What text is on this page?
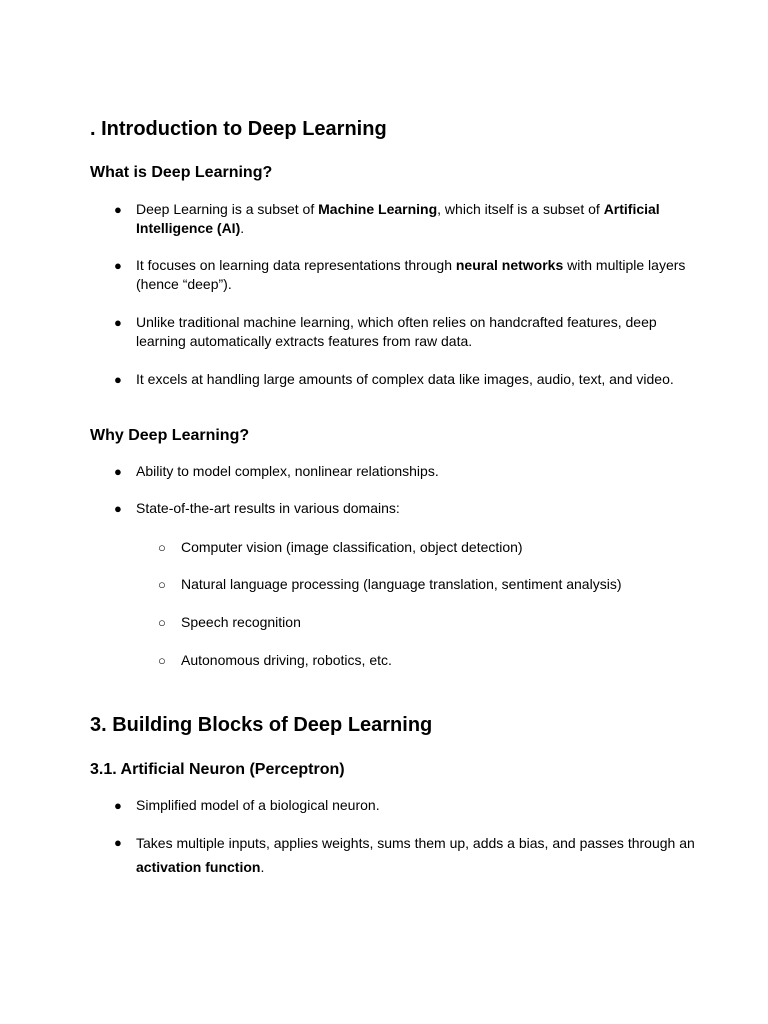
. Introduction to Deep Learning
What is Deep Learning?

● Deep Learning is a subset of Machine Learning, which itself is a subset of Artificial Intelligence (AI).

● It focuses on learning data representations through neural networks with multiple layers (hence “deep”).

● Unlike traditional machine learning, which often relies on handcrafted features, deep learning automatically extracts features from raw data.

● It excels at handling large amounts of complex data like images, audio, text, and video.

Why Deep Learning?

● Ability to model complex, nonlinear relationships.

● State-of-the-art results in various domains:

○ Computer vision (image classification, object detection)

○ Natural language processing (language translation, sentiment analysis)

○ Speech recognition

○ Autonomous driving, robotics, etc.

3. Building Blocks of Deep Learning
3.1. Artificial Neuron (Perceptron)

● Simplified model of a biological neuron.

● Takes multiple inputs, applies weights, sums them up, adds a bias, and passes through an activation function.
